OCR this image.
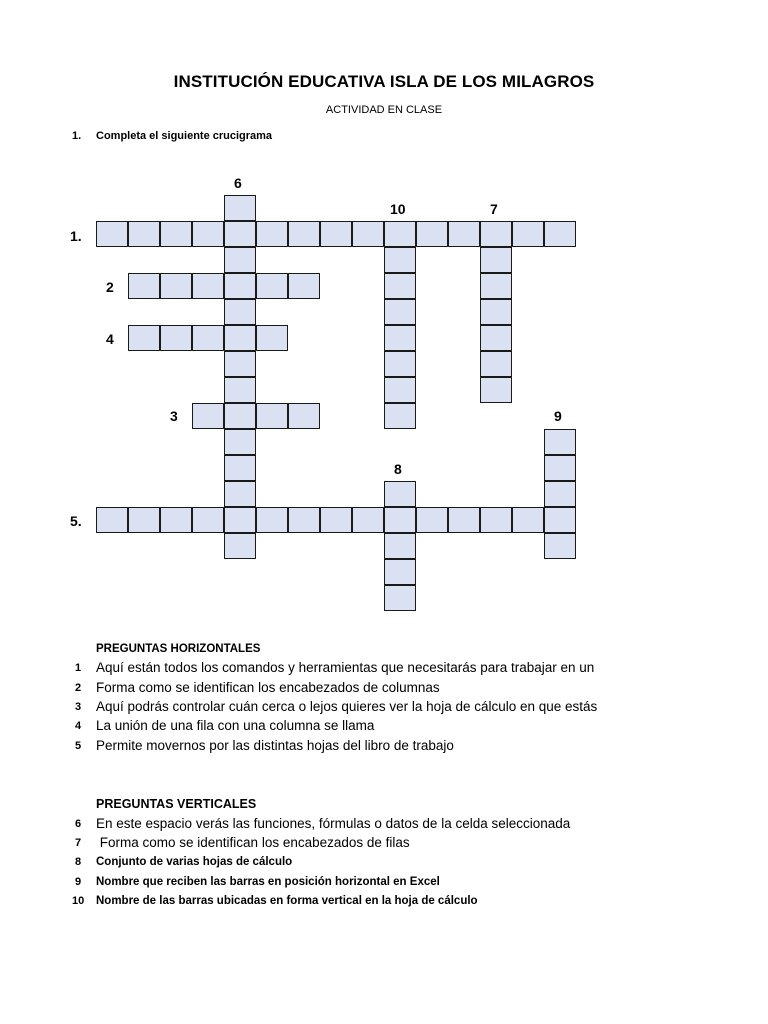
INSTITUCIÓN EDUCATIVA ISLA DE LOS MILAGROS
ACTIVIDAD EN CLASE
1. Completa el siguiente crucigrama
1.
2
4
3
5.
6
10	7
9
8
PREGUNTAS HORIZONTALES
1 Aquí están todos los comandos y herramientas que necesitarás para trabajar en un
2 Forma como se identifican los encabezados de columnas
3 Aquí podrás controlar cuán cerca o lejos quieres ver la hoja de cálculo en que estás
4 La unión de una fila con una columna se llama
5 Permite movernos por las distintas hojas del libro de trabajo
PREGUNTAS VERTICALES
6 En este espacio verás las funciones, fórmulas o datos de la celda seleccionada
7 Forma como se identifican los encabezados de filas
8 Conjunto de varias hojas de cálculo
9 Nombre que reciben las barras en posición horizontal en Excel
10 Nombre de las barras ubicadas en forma vertical en la hoja de cálculo
